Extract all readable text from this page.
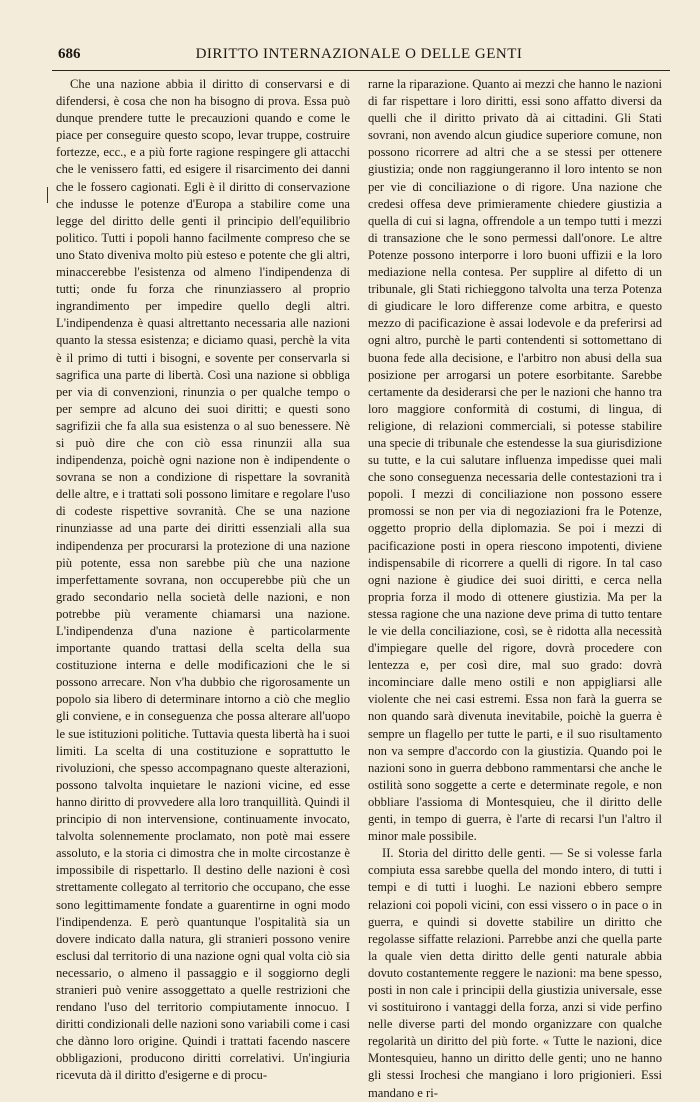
686	DIRITTO INTERNAZIONALE O DELLE GENTI

Che una nazione abbia il diritto di conservarsi e di difendersi, è cosa che non ha bisogno di prova. Essa può dunque prendere tutte le precauzioni quando e come le piace per conseguire questo scopo, levar truppe, costruire fortezze, ecc., e a più forte ragione respingere gli attacchi che le venissero fatti, ed esigere il risarcimento dei danni che le fossero cagionati. Egli è il diritto di conservazione che indusse le potenze d'Europa a stabilire come una legge del diritto delle genti il principio dell'equilibrio politico. Tutti i popoli hanno facilmente compreso che se uno Stato diveniva molto più esteso e potente che gli altri, minaccerebbe l'esistenza od almeno l'indipendenza di tutti; onde fu forza che rinunziassero al proprio ingrandimento per impedire quello degli altri. L'indipendenza è quasi altrettanto necessaria alle nazioni quanto la stessa esistenza; e diciamo quasi, perchè la vita è il primo di tutti i bisogni, e sovente per conservarla si sagrifica una parte di libertà. Così una nazione si obbliga per via di convenzioni, rinunzia o per qualche tempo o per sempre ad alcuno dei suoi diritti; e questi sono sagrifizii che fa alla sua esistenza o al suo benessere. Nè si può dire che con ciò essa rinunzii alla sua indipendenza, poichè ogni nazione non è indipendente o sovrana se non a condizione di rispettare la sovranità delle altre, e i trattati soli possono limitare e regolare l'uso di codeste rispettive sovranità. Che se una nazione rinunziasse ad una parte dei diritti essenziali alla sua indipendenza per procurarsi la protezione di una nazione più potente, essa non sarebbe più che una nazione imperfettamente sovrana, non occuperebbe più che un grado secondario nella società delle nazioni, e non potrebbe più veramente chiamarsi una nazione. L'indipendenza d'una nazione è particolarmente importante quando trattasi della scelta della sua costituzione interna e delle modificazioni che le si possono arrecare. Non v'ha dubbio che rigorosamente un popolo sia libero di determinare intorno a ciò che meglio gli conviene, e in conseguenza che possa alterare all'uopo le sue istituzioni politiche. Tuttavia questa libertà ha i suoi limiti. La scelta di una costituzione e soprattutto le rivoluzioni, che spesso accompagnano queste alterazioni, possono talvolta inquietare le nazioni vicine, ed esse hanno diritto di provvedere alla loro tranquillità. Quindi il principio di non intervensione, continuamente invocato, talvolta solennemente proclamato, non potè mai essere assoluto, e la storia ci dimostra che in molte circostanze è impossibile di rispettarlo. Il destino delle nazioni è così strettamente collegato al territorio che occupano, che esse sono legittimamente fondate a guarentirne in ogni modo l'indipendenza. E però quantunque l'ospitalità sia un dovere indicato dalla natura, gli stranieri possono venire esclusi dal territorio di una nazione ogni qual volta ciò sia necessario, o almeno il passaggio e il soggiorno degli stranieri può venire assoggettato a quelle restrizioni che rendano l'uso del territorio compiutamente innocuo. I diritti condizionali delle nazioni sono variabili come i casi che dànno loro origine. Quindi i trattati facendo nascere obbligazioni, producono diritti correlativi. Un'ingiuria ricevuta dà il diritto d'esigerne e di procu-

rarne la riparazione. Quanto ai mezzi che hanno le nazioni di far rispettare i loro diritti, essi sono affatto diversi da quelli che il diritto privato dà ai cittadini. Gli Stati sovrani, non avendo alcun giudice superiore comune, non possono ricorrere ad altri che a se stessi per ottenere giustizia; onde non raggiungeranno il loro intento se non per vie di conciliazione o di rigore. Una nazione che credesi offesa deve primieramente chiedere giustizia a quella di cui si lagna, offrendole a un tempo tutti i mezzi di transazione che le sono permessi dall'onore. Le altre Potenze possono interporre i loro buoni uffizii e la loro mediazione nella contesa. Per supplire al difetto di un tribunale, gli Stati richieggono talvolta una terza Potenza di giudicare le loro differenze come arbitra, e questo mezzo di pacificazione è assai lodevole e da preferirsi ad ogni altro, purchè le parti contendenti si sottomettano di buona fede alla decisione, e l'arbitro non abusi della sua posizione per arrogarsi un potere esorbitante. Sarebbe certamente da desiderarsi che per le nazioni che hanno tra loro maggiore conformità di costumi, di lingua, di religione, di relazioni commerciali, si potesse stabilire una specie di tribunale che estendesse la sua giurisdizione su tutte, e la cui salutare influenza impedisse quei mali che sono conseguenza necessaria delle contestazioni tra i popoli. I mezzi di conciliazione non possono essere promossi se non per via di negoziazioni fra le Potenze, oggetto proprio della diplomazia. Se poi i mezzi di pacificazione posti in opera riescono impotenti, diviene indispensabile di ricorrere a quelli di rigore. In tal caso ogni nazione è giudice dei suoi diritti, e cerca nella propria forza il modo di ottenere giustizia. Ma per la stessa ragione che una nazione deve prima di tutto tentare le vie della conciliazione, così, se è ridotta alla necessità d'impiegare quelle del rigore, dovrà procedere con lentezza e, per così dire, mal suo grado: dovrà incominciare dalle meno ostili e non appigliarsi alle violente che nei casi estremi. Essa non farà la guerra se non quando sarà divenuta inevitabile, poichè la guerra è sempre un flagello per tutte le parti, e il suo risultamento non va sempre d'accordo con la giustizia. Quando poi le nazioni sono in guerra debbono rammentarsi che anche le ostilità sono soggette a certe e determinate regole, e non obbliare l'assioma di Montesquieu, che il diritto delle genti, in tempo di guerra, è l'arte di recarsi l'un l'altro il minor male possibile.

II. Storia del diritto delle genti. — Se si volesse farla compiuta essa sarebbe quella del mondo intero, di tutti i tempi e di tutti i luoghi. Le nazioni ebbero sempre relazioni coi popoli vicini, con essi vissero o in pace o in guerra, e quindi si dovette stabilire un diritto che regolasse siffatte relazioni. Parrebbe anzi che quella parte la quale vien detta diritto delle genti naturale abbia dovuto costantemente reggere le nazioni: ma bene spesso, posti in non cale i principii della giustizia universale, esse vi sostituirono i vantaggi della forza, anzi si vide perfino nelle diverse parti del mondo organizzare con qualche regolarità un diritto del più forte. « Tutte le nazioni, dice Montesquieu, hanno un diritto delle genti; uno ne hanno gli stessi Irochesi che mangiano i loro prigionieri. Essi mandano e ri-
